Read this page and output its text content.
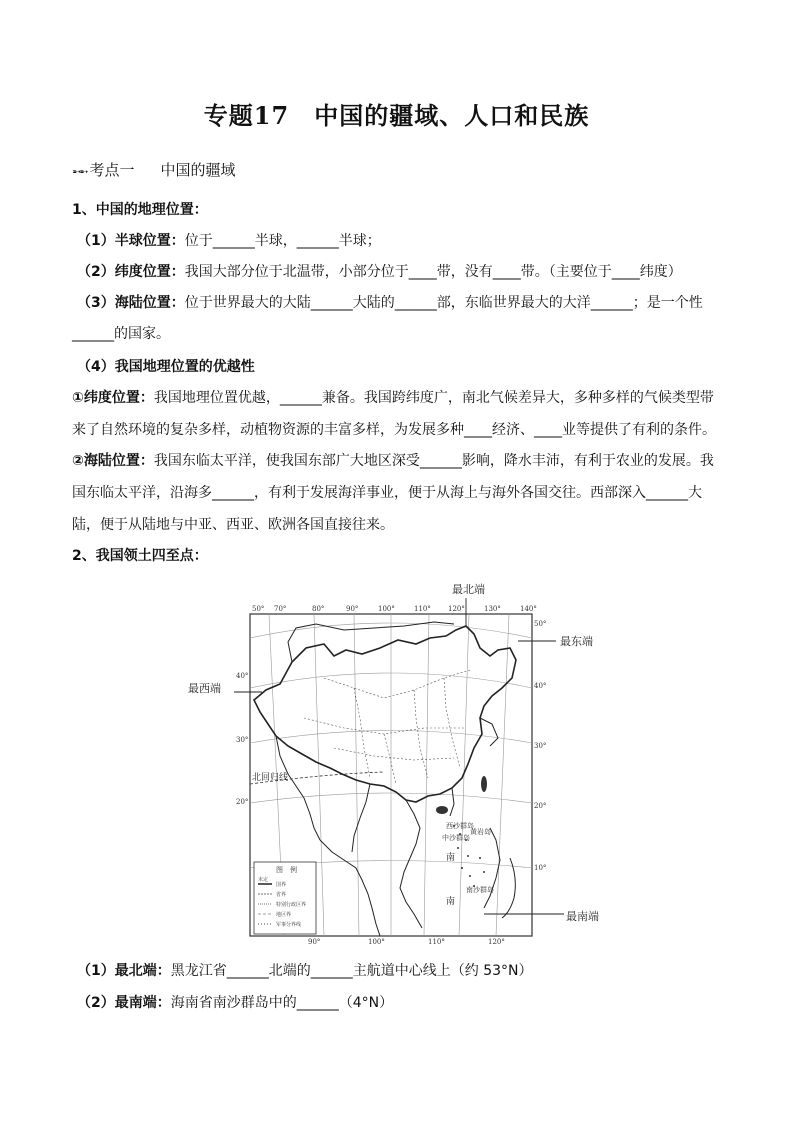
专题17　中国的疆域、人口和民族
➵➵ 考点一 中国的疆域
1、中国的地理位置：
（1）半球位置：位于______半球，______半球；
（2）纬度位置：我国大部分位于北温带，小部分位于____带，没有____带。（主要位于____纬度）
（3）海陆位置：位于世界最大的大陆______大陆的______部，东临世界最大的大洋______；是一个性
______的国家。
（4）我国地理位置的优越性
①纬度位置：我国地理位置优越，______兼备。我国跨纬度广，南北气候差异大，多种多样的气候类型带
来了自然环境的复杂多样，动植物资源的丰富多样，为发展多种____经济、____业等提供了有利的条件。
②海陆位置：我国东临太平洋，使我国东部广大地区深受______影响，降水丰沛，有利于农业的发展。我
国东临太平洋，沿海多______，有利于发展海洋事业，便于从海上与海外各国交往。西部深入______大
陆，便于从陆地与中亚、西亚、欧洲各国直接往来。
2、我国领土四至点：
西沙群岛
中沙群岛
黄岩岛
南沙群岛
南
南
北回归线
图　例
未定
国界
省界
特别行政区界
地区界
军事分界线
50° 70°	80°	90°	100°	110° 120°	130°	140°
90°	100°	110°	120°
40°
30°
20°
50°
40°
30°
20°
10°
最北端
最东端
最西端
最南端
（1）最北端：黑龙江省______北端的______主航道中心线上（约 53°N）
（2）最南端：海南省南沙群岛中的______（4°N）
